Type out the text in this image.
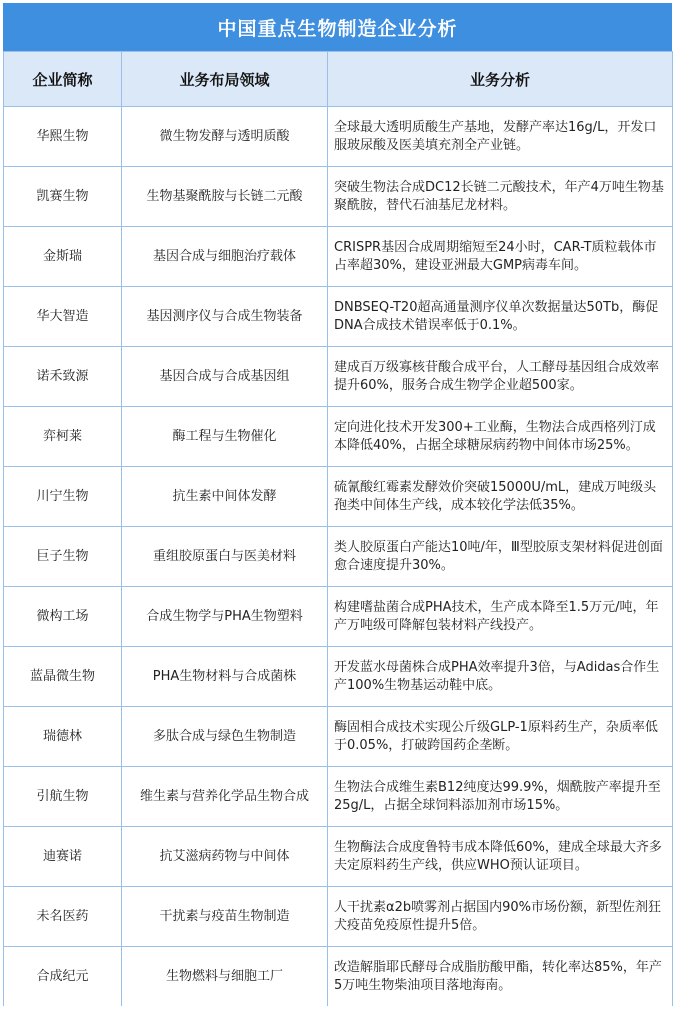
中国重点生物制造企业分析
企业简称	业务布局领域	业务分析
华熙生物	微生物发酵与透明质酸	全球最大透明质酸生产基地，发酵产率达16g/L，开发口服玻尿酸及医美填充剂全产业链。
凯赛生物	生物基聚酰胺与长链二元酸	突破生物法合成DC12长链二元酸技术，年产4万吨生物基聚酰胺，替代石油基尼龙材料。
金斯瑞	基因合成与细胞治疗载体	CRISPR基因合成周期缩短至24小时，CAR-T质粒载体市占率超30%，建设亚洲最大GMP病毒车间。
华大智造	基因测序仪与合成生物装备	DNBSEQ-T20超高通量测序仪单次数据量达50Tb，酶促DNA合成技术错误率低于0.1%。
诺禾致源	基因合成与合成基因组	建成百万级寡核苷酸合成平台，人工酵母基因组合成效率提升60%，服务合成生物学企业超500家。
弈柯莱	酶工程与生物催化	定向进化技术开发300+工业酶，生物法合成西格列汀成本降低40%，占据全球糖尿病药物中间体市场25%。
川宁生物	抗生素中间体发酵	硫氰酸红霉素发酵效价突破15000U/mL，建成万吨级头孢类中间体生产线，成本较化学法低35%。
巨子生物	重组胶原蛋白与医美材料	类人胶原蛋白产能达10吨/年，Ⅲ型胶原支架材料促进创面愈合速度提升30%。
微构工场	合成生物学与PHA生物塑料	构建嗜盐菌合成PHA技术，生产成本降至1.5万元/吨，年产万吨级可降解包装材料产线投产。
蓝晶微生物	PHA生物材料与合成菌株	开发蓝水母菌株合成PHA效率提升3倍，与Adidas合作生产100%生物基运动鞋中底。
瑞德林	多肽合成与绿色生物制造	酶固相合成技术实现公斤级GLP-1原料药生产，杂质率低于0.05%，打破跨国药企垄断。
引航生物	维生素与营养化学品生物合成	生物法合成维生素B12纯度达99.9%，烟酰胺产率提升至25g/L，占据全球饲料添加剂市场15%。
迪赛诺	抗艾滋病药物与中间体	生物酶法合成度鲁特韦成本降低60%，建成全球最大齐多夫定原料药生产线，供应WHO预认证项目。
未名医药	干扰素与疫苗生物制造	人干扰素α2b喷雾剂占据国内90%市场份额，新型佐剂狂犬疫苗免疫原性提升5倍。
合成纪元	生物燃料与细胞工厂	改造解脂耶氏酵母合成脂肪酸甲酯，转化率达85%，年产5万吨生物柴油项目落地海南。
